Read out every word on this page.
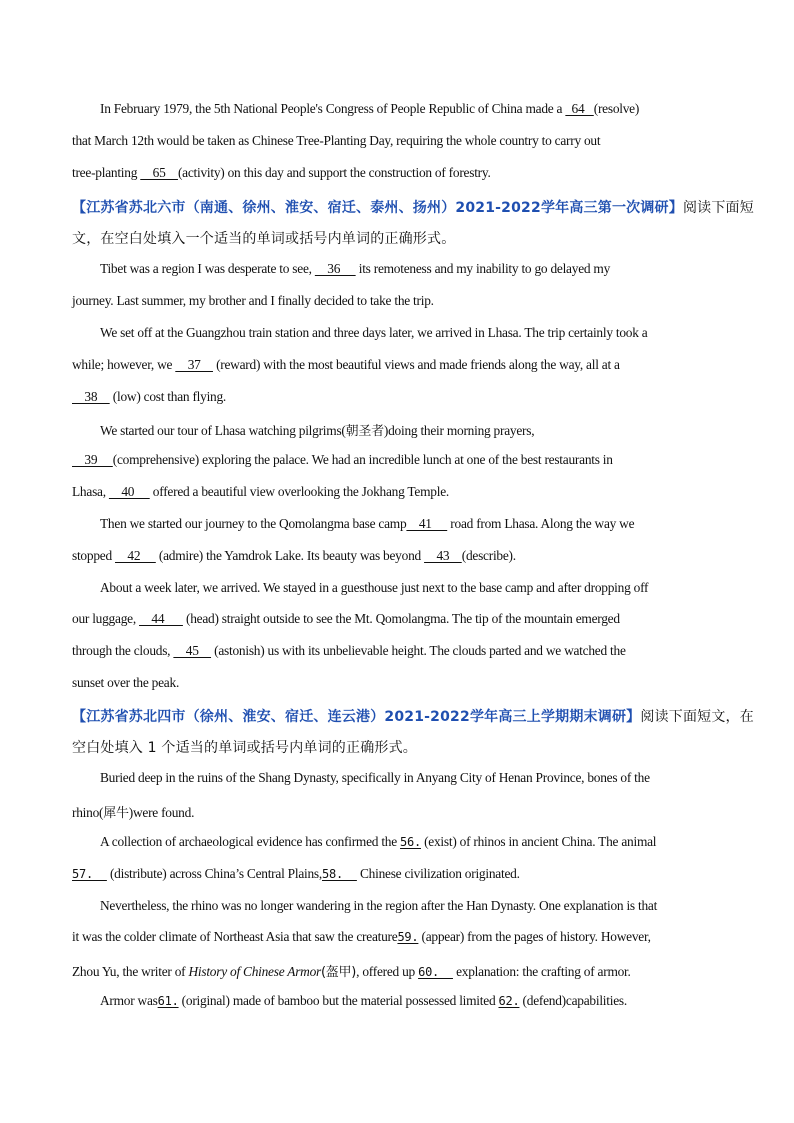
In February 1979, the 5th National People's Congress of People Republic of China made a   64   (resolve)
that March 12th would be taken as Chinese Tree-Planting Day, requiring the whole country to carry out
tree-planting     65    (activity) on this day and support the construction of forestry.
【江苏省苏北六市（南通、徐州、淮安、宿迁、泰州、扬州）2021-2022学年高三第一次调研】阅读下面短
文，在空白处填入一个适当的单词或括号内单词的正确形式。
Tibet was a region I was desperate to see,     36      its remoteness and my inability to go delayed my
journey. Last summer, my brother and I finally decided to take the trip.
We set off at the Guangzhou train station and three days later, we arrived in Lhasa. The trip certainly took a
while; however, we     37     (reward) with the most beautiful views and made friends along the way, all at a
38     (low) cost than flying.
We started our tour of Lhasa watching pilgrims(朝圣者)doing their morning prayers,
39     (comprehensive) exploring the palace. We had an incredible lunch at one of the best restaurants in
Lhasa,     40      offered a beautiful view overlooking the Jokhang Temple.
Then we started our journey to the Qomolangma base camp    41      road from Lhasa. Along the way we
stopped     42      (admire) the Yamdrok Lake. Its beauty was beyond     43    (describe).
About a week later, we arrived. We stayed in a guesthouse just next to the base camp and after dropping off
our luggage,     44       (head) straight outside to see the Mt. Qomolangma. The tip of the mountain emerged
through the clouds,     45     (astonish) us with its unbelievable height. The clouds parted and we watched the
sunset over the peak.
【江苏省苏北四市（徐州、淮安、宿迁、连云港）2021-2022学年高三上学期期末调研】阅读下面短文，在
空白处填入 1 个适当的单词或括号内单词的正确形式。
Buried deep in the ruins of the Shang Dynasty, specifically in Anyang City of Henan Province, bones of the
rhino(犀牛)were found.
A collection of archaeological evidence has confirmed the 56. (exist) of rhinos in ancient China. The animal
57.   (distribute) across China’s Central Plains,58.   Chinese civilization originated.
Nevertheless, the rhino was no longer wandering in the region after the Han Dynasty. One explanation is that
it was the colder climate of Northeast Asia that saw the creature59. (appear) from the pages of history. However,
Zhou Yu, the writer of History of Chinese Armor(盔甲), offered up 60.   explanation: the crafting of armor.
Armor was61. (original) made of bamboo but the material possessed limited 62. (defend)capabilities.
